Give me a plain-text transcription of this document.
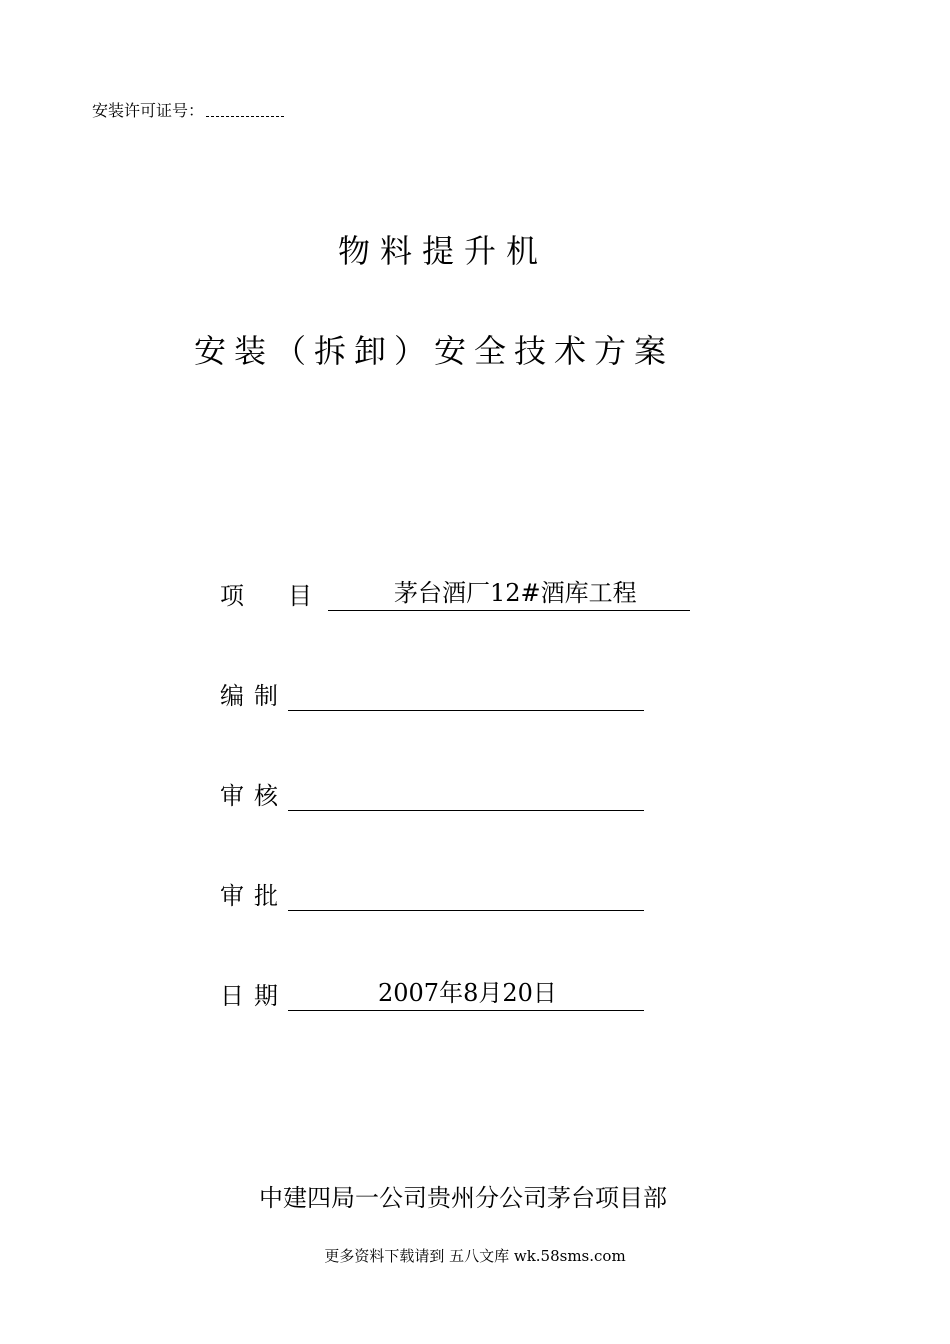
安装许可证号：
物料提升机
安装（拆卸）安全技术方案
项　目	茅台酒厂12#酒库工程
编制
审核
审批
日期	2007年8月20日
中建四局一公司贵州分公司茅台项目部
更多资料下载请到 五八文库 wk.58sms.com
